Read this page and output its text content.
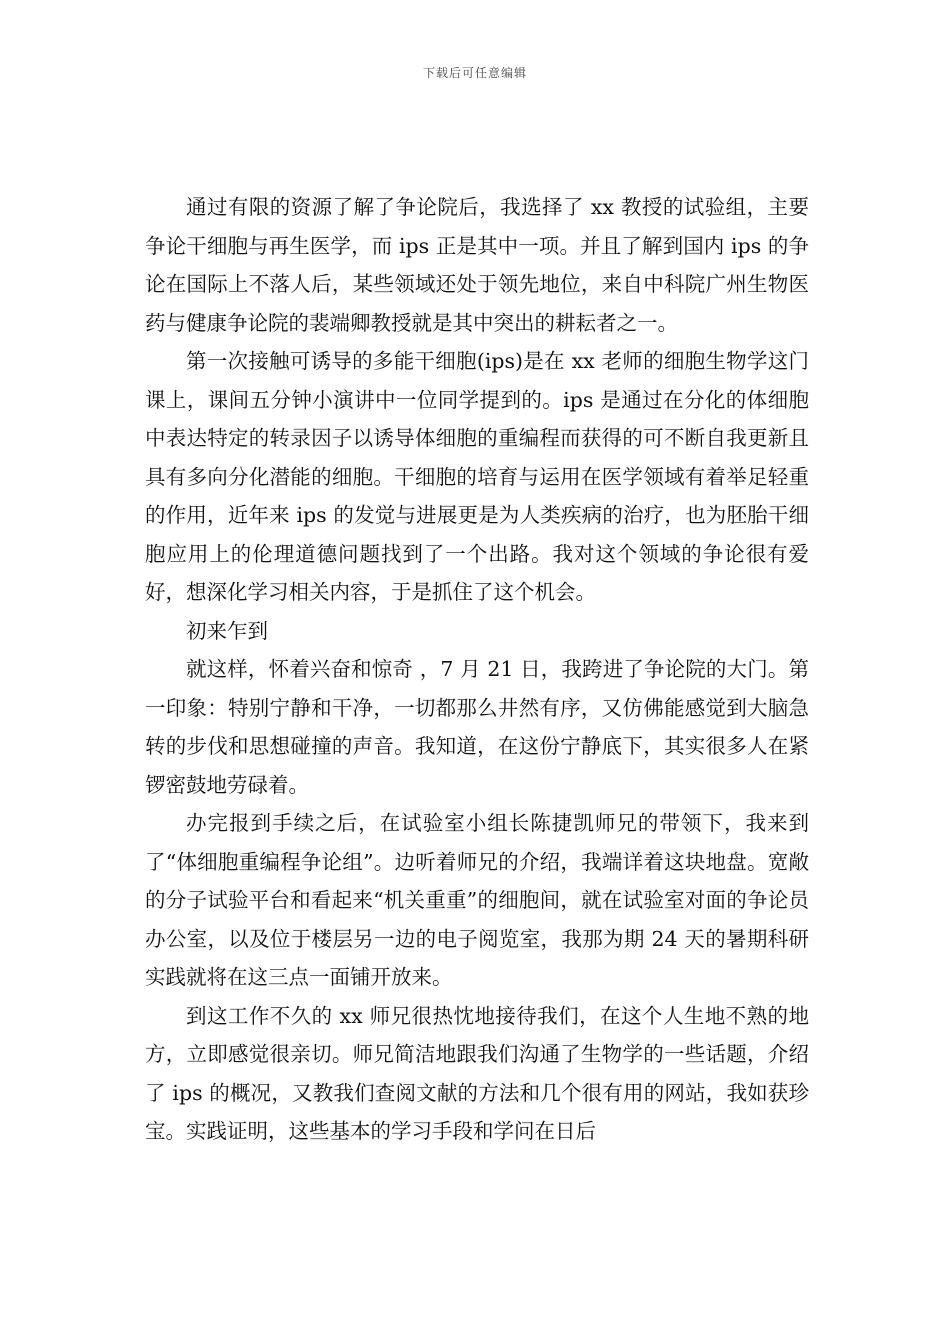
下载后可任意编辑

通过有限的资源了解了争论院后，我选择了 xx 教授的试验组，主要争论干细胞与再生医学，而 ips 正是其中一项。并且了解到国内 ips 的争论在国际上不落人后，某些领域还处于领先地位，来自中科院广州生物医药与健康争论院的裴端卿教授就是其中突出的耕耘者之一。

第一次接触可诱导的多能干细胞(ips)是在 xx 老师的细胞生物学这门课上，课间五分钟小演讲中一位同学提到的。ips 是通过在分化的体细胞中表达特定的转录因子以诱导体细胞的重编程而获得的可不断自我更新且具有多向分化潜能的细胞。干细胞的培育与运用在医学领域有着举足轻重的作用，近年来 ips 的发觉与进展更是为人类疾病的治疗，也为胚胎干细胞应用上的伦理道德问题找到了一个出路。我对这个领域的争论很有爱好，想深化学习相关内容，于是抓住了这个机会。

初来乍到

就这样，怀着兴奋和惊奇 ，7 月 21 日，我跨进了争论院的大门。第一印象：特别宁静和干净，一切都那么井然有序，又仿佛能感觉到大脑急转的步伐和思想碰撞的声音。我知道，在这份宁静底下，其实很多人在紧锣密鼓地劳碌着。

办完报到手续之后，在试验室小组长陈捷凯师兄的带领下，我来到了“体细胞重编程争论组”。边听着师兄的介绍，我端详着这块地盘。宽敞的分子试验平台和看起来“机关重重”的细胞间，就在试验室对面的争论员办公室，以及位于楼层另一边的电子阅览室，我那为期 24 天的暑期科研实践就将在这三点一面铺开放来。

到这工作不久的 xx 师兄很热忱地接待我们，在这个人生地不熟的地方，立即感觉很亲切。师兄简洁地跟我们沟通了生物学的一些话题，介绍了 ips 的概况，又教我们查阅文献的方法和几个很有用的网站，我如获珍宝。实践证明，这些基本的学习手段和学问在日后
